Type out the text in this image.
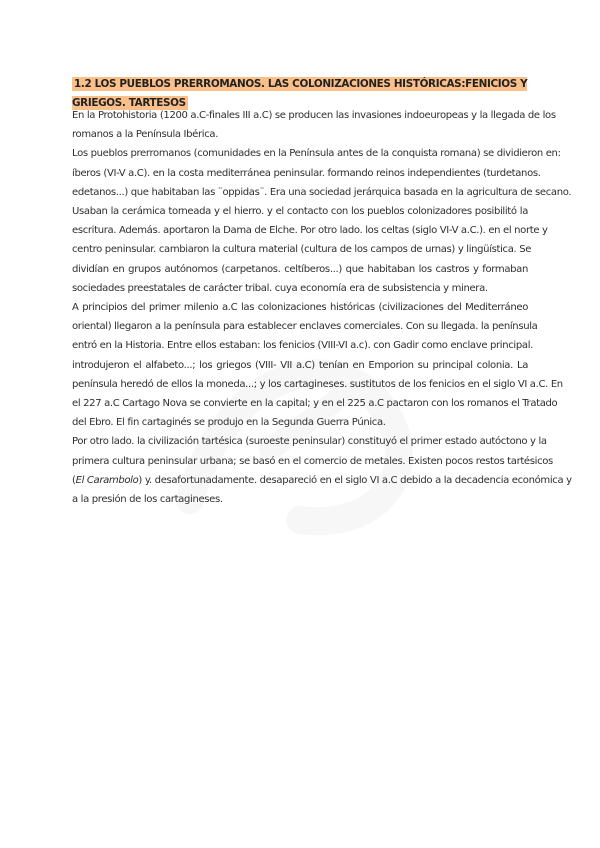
1.2 LOS PUEBLOS PRERROMANOS. LAS COLONIZACIONES HISTÓRICAS:FENICIOS Y GRIEGOS. TARTESOS

En la Protohistoria (1200 a.C-finales III a.C) se producen las invasiones indoeuropeas y la llegada de los
romanos a la Península Ibérica.

Los pueblos prerromanos (comunidades en la Península antes de la conquista romana) se dividieron en:
íberos (VI-V a.C). en la costa mediterránea peninsular. formando reinos independientes (turdetanos.
edetanos...) que habitaban las ¨oppidas¨. Era una sociedad jerárquica basada en la agricultura de secano.
Usaban la cerámica torneada y el hierro. y el contacto con los pueblos colonizadores posibilitó la
escritura. Además. aportaron la Dama de Elche. Por otro lado. los celtas (siglo VI-V a.C.). en el norte y
centro peninsular. cambiaron la cultura material (cultura de los campos de urnas) y lingüística. Se
dividían en grupos autónomos (carpetanos. celtíberos...) que habitaban los castros y formaban
sociedades preestatales de carácter tribal. cuya economía era de subsistencia y minera.

A principios del primer milenio a.C las colonizaciones históricas (civilizaciones del Mediterráneo
oriental) llegaron a la península para establecer enclaves comerciales. Con su llegada. la península
entró en la Historia. Entre ellos estaban: los fenicios (VIII-VI a.c). con Gadir como enclave principal.
introdujeron el alfabeto...; los griegos (VIII- VII a.C) tenían en Emporion su principal colonia. La
península heredó de ellos la moneda...; y los cartagineses. sustitutos de los fenicios en el siglo VI a.C. En
el 227 a.C Cartago Nova se convierte en la capital; y en el 225 a.C pactaron con los romanos el Tratado
del Ebro. El fin cartaginés se produjo en la Segunda Guerra Púnica.

Por otro lado. la civilización tartésica (suroeste peninsular) constituyó el primer estado autóctono y la
primera cultura peninsular urbana; se basó en el comercio de metales. Existen pocos restos tartésicos
(El Carambolo) y. desafortunadamente. desapareció en el siglo VI a.C debido a la decadencia económica y
a la presión de los cartagineses.
